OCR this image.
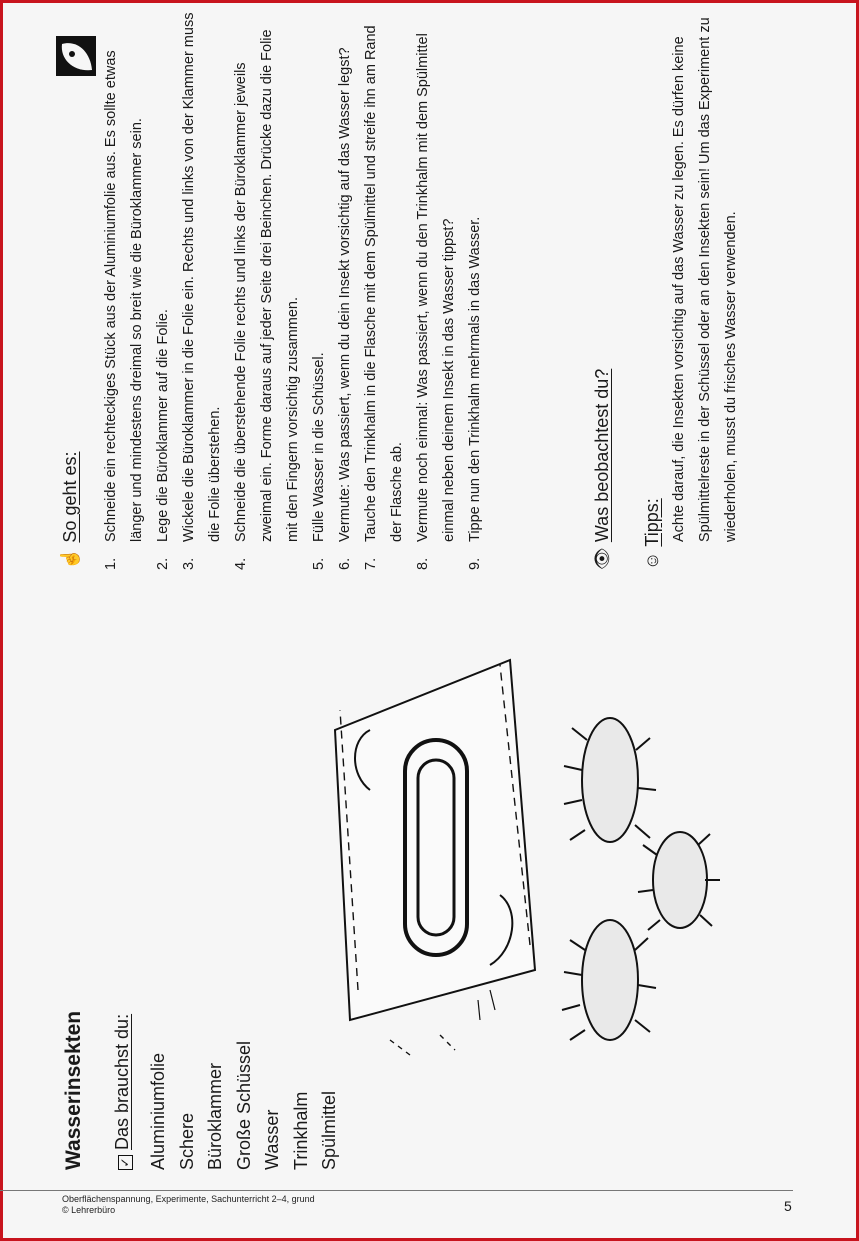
Wasserinsekten	✓Das brauchst du: Aluminiumfolie Schere Büroklammer Große Schüssel Wasser Trinkhalm Spülmittel
☝So geht es:
1.
Schneide ein rechteckiges Stück aus der Aluminiumfolie aus. Es sollte etwas länger und mindestens dreimal so breit wie die Büroklammer sein.
2.
Lege die Büroklammer auf die Folie.
3.
Wickele die Büroklammer in die Folie ein. Rechts und links von der Klammer muss die Folie überstehen.
4.
Schneide die überstehende Folie rechts und links der Büroklammer jeweils zweimal ein. Forme daraus auf jeder Seite drei Beinchen. Drücke dazu die Folie mit den Fingern vorsichtig zusammen.
5.
Fülle Wasser in die Schüssel.
6.
Vermute: Was passiert, wenn du dein Insekt vorsichtig auf das Wasser legst?
7.
Tauche den Trinkhalm in die Flasche mit dem Spülmittel und streife ihn am Rand der Flasche ab.
8.
Vermute noch einmal: Was passiert, wenn du den Trinkhalm mit dem Spülmittel einmal neben deinem Insekt in das Wasser tippst?
9.
Tippe nun den Trinkhalm mehrmals in das Wasser.
👁Was beobachtest du?
☺Tipps: Achte darauf, die Insekten vorsichtig auf das Wasser zu legen. Es dürfen keine Spülmittelreste in der Schüssel oder an den Insekten sein! Um das Experiment zu wiederholen, musst du frisches Wasser verwenden.
Oberflächenspannung, Experimente, Sachunterricht 2–4, grund
© Lehrerbüro	5
